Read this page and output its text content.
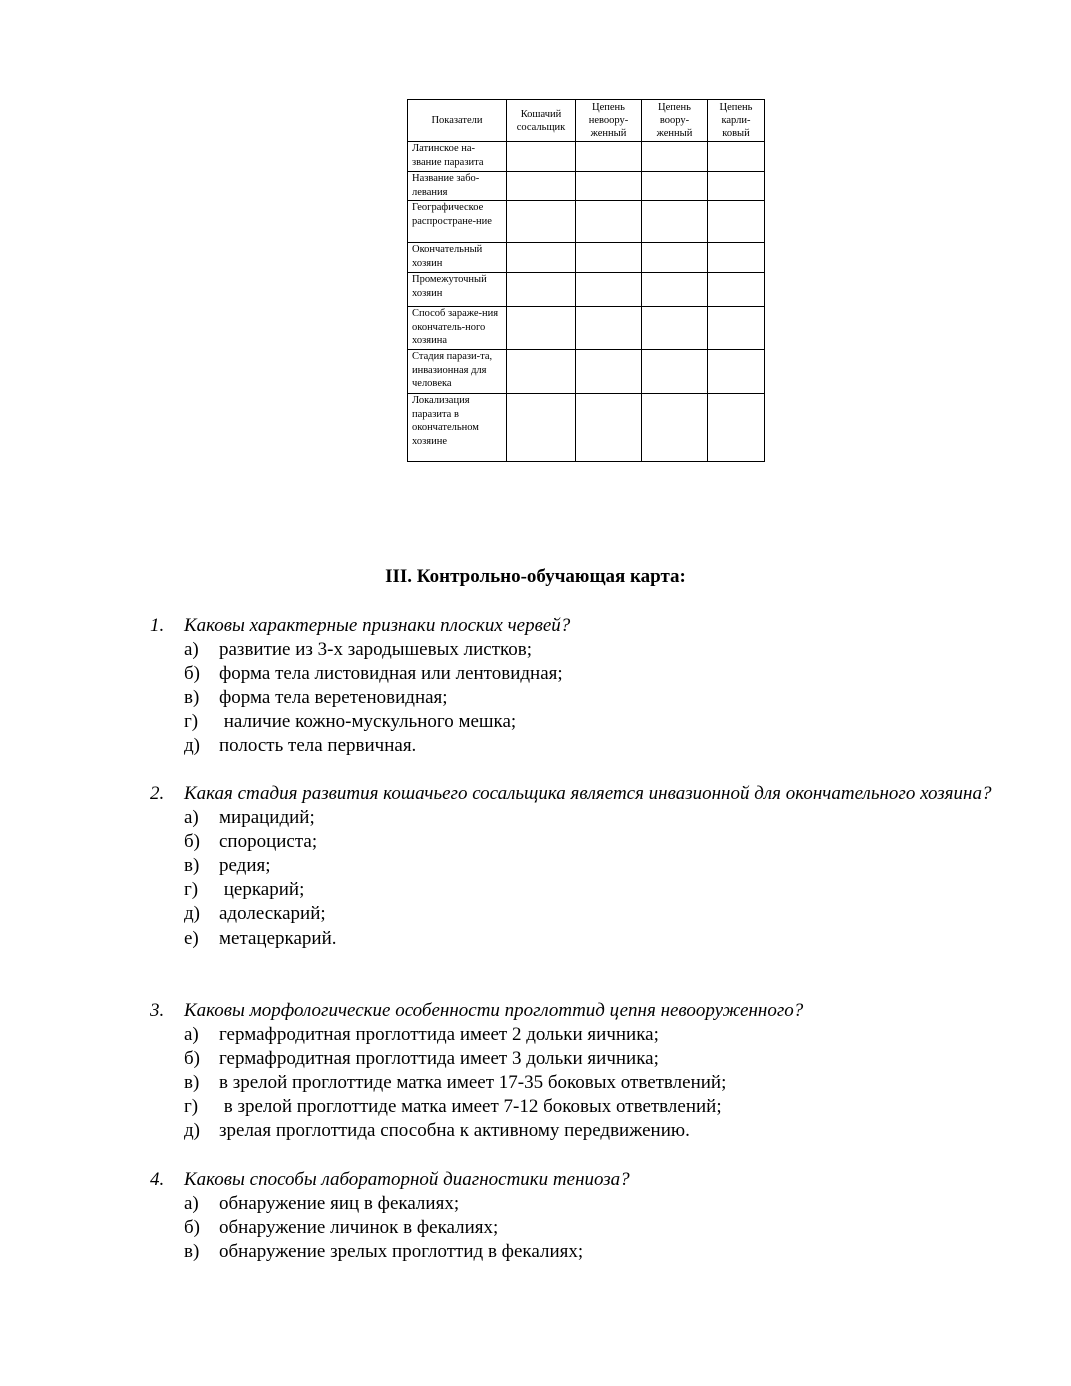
Показатели	Кошачий сосальщик	Цепень невоору-женный	Цепень воору-женный	Цепень карли-ковый
Латинское на-звание паразита				
Название забо-левания				
Географическое распростране-ние				
Окончательный хозяин				
Промежуточный хозяин				
Способ зараже-ния окончатель-ного хозяина				
Стадия парази-та, инвазионная для человека				
Локализация паразита в окончательном хозяине				
III. Контрольно-обучающая карта:
1. Каковы характерные признаки плоских червей?
а) развитие из 3-х зародышевых листков;
б) форма тела листовидная или лентовидная;
в) форма тела веретеновидная;
г) наличие кожно-мускульного мешка;
д) полость тела первичная.
2. Какая стадия развития кошачьего сосальщика является инвазионной для окончательного хозяина?
а) мирацидий;
б) спороциста;
в) редия;
г) церкарий;
д) адолескарий;
е) метацеркарий.
3. Каковы морфологические особенности проглоттид цепня невооруженного?
а) гермафродитная проглоттида имеет 2 дольки яичника;
б) гермафродитная проглоттида имеет 3 дольки яичника;
в) в зрелой проглоттиде матка имеет 17-35 боковых ответвлений;
г) в зрелой проглоттиде матка имеет 7-12 боковых ответвлений;
д) зрелая проглоттида способна к активному передвижению.
4. Каковы способы лабораторной диагностики тениоза?
а) обнаружение яиц в фекалиях;
б) обнаружение личинок в фекалиях;
в) обнаружение зрелых проглоттид в фекалиях;
